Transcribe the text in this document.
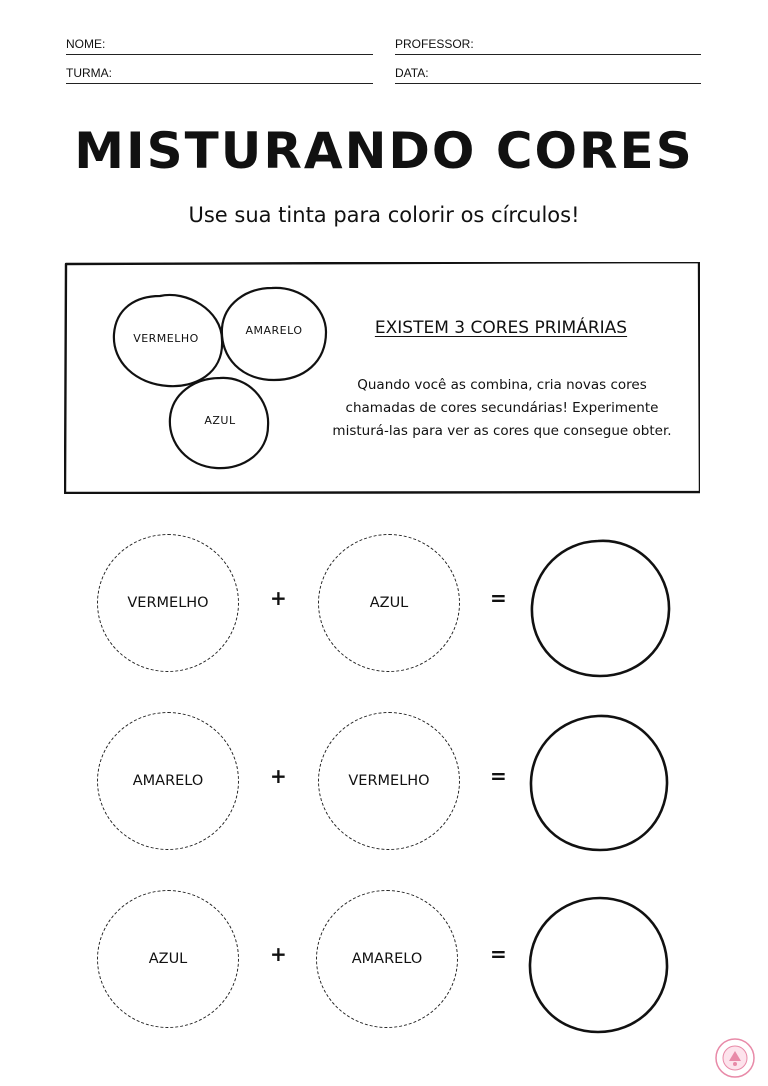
NOME:	PROFESSOR:
TURMA:	DATA:
MISTURANDO CORES
Use sua tinta para colorir os círculos!
VERMELHO
AMARELO
AZUL
EXISTEM 3 CORES PRIMÁRIAS
Quando você as combina, cria novas cores
chamadas de cores secundárias! Experimente
misturá-las para ver as cores que consegue obter.
VERMELHO	+	AZUL	=
AMARELO	+	VERMELHO	=
AZUL	+	AMARELO	=
